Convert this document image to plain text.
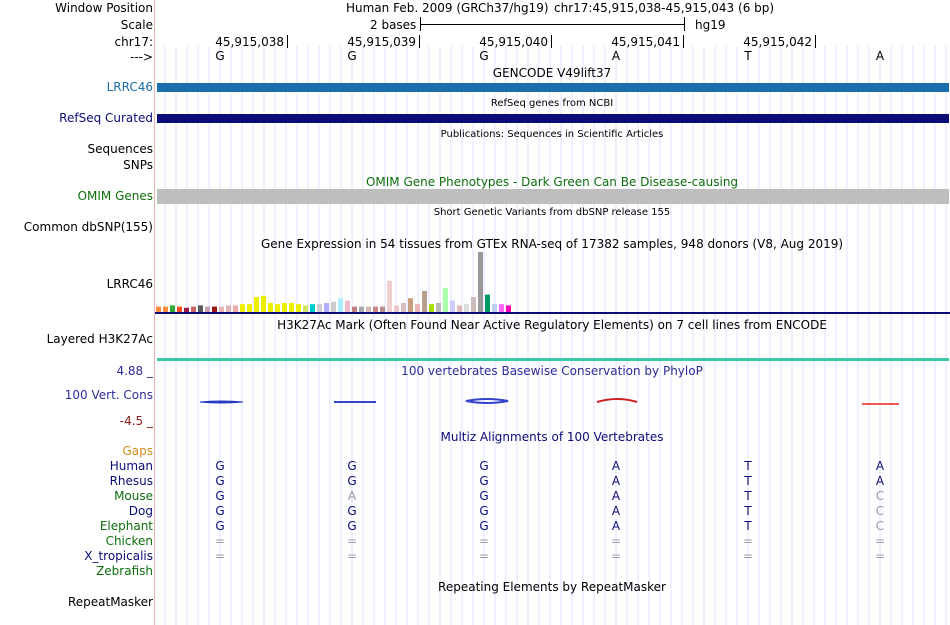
Window Position
Scale
chr17:
--->
Human Feb. 2009 (GRCh37/hg19) chr17:45,915,038-45,915,043 (6 bp)
2 bases	hg19
45,915,038	45,915,039	45,915,040	45,915,041	45,915,042
G	G	G	A	T	A
GENCODE V49lift37
LRRC46
RefSeq genes from NCBI
RefSeq Curated
Publications: Sequences in Scientific Articles
Sequences
SNPs
OMIM Gene Phenotypes - Dark Green Can Be Disease-causing
OMIM Genes
Short Genetic Variants from dbSNP release 155
Common dbSNP(155)
Gene Expression in 54 tissues from GTEx RNA-seq of 17382 samples, 948 donors (V8, Aug 2019)
LRRC46
H3K27Ac Mark (Often Found Near Active Regulatory Elements) on 7 cell lines from ENCODE
Layered H3K27Ac
100 vertebrates Basewise Conservation by PhyloP
4.88 _
100 Vert. Cons
-4.5 _
Multiz Alignments of 100 Vertebrates
Gaps
Human	G	G	G	A	T	A
Rhesus	G	G	G	A	T	A
Mouse	G	A	G	A	T	C
Dog	G	G	G	A	T	C
Elephant	G	G	G	A	T	C
Chicken	=	=	=	=	=	=
X_tropicalis	=	=	=	=	=	=
Zebrafish
Repeating Elements by RepeatMasker
RepeatMasker
